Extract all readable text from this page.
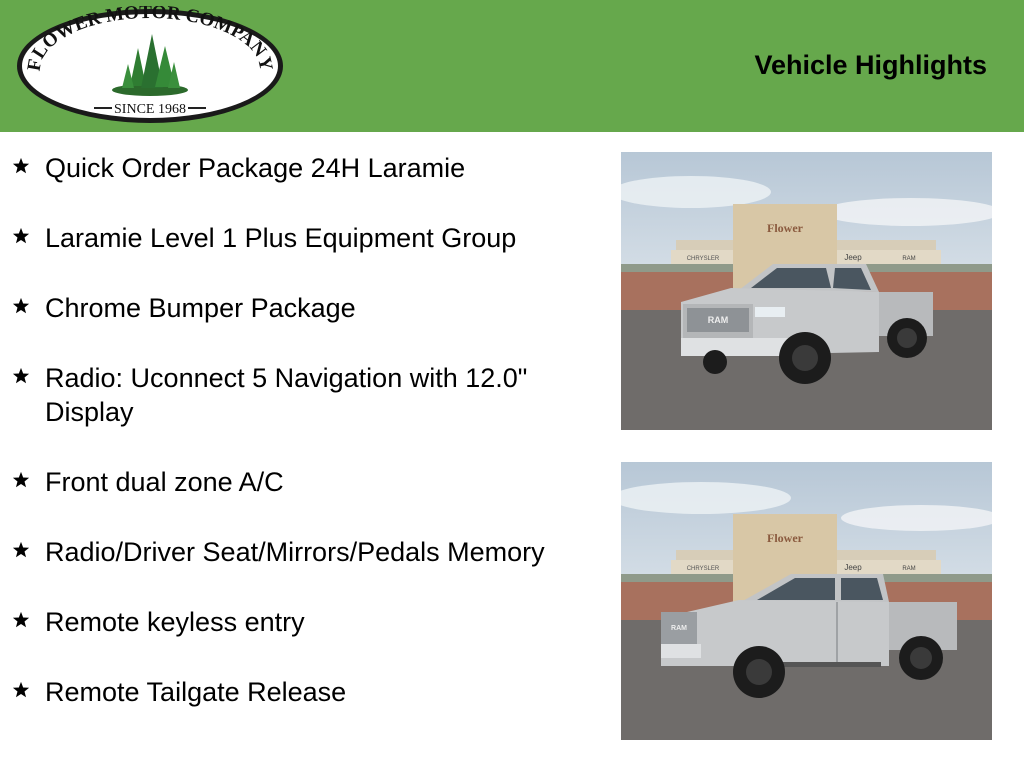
FLOWER MOTOR COMPANY
SINCE 1968
Vehicle Highlights
Quick Order Package 24H Laramie
Laramie Level 1 Plus Equipment Group
Chrome Bumper Package
Radio: Uconnect 5 Navigation with 12.0" Display
Front dual zone A/C
Radio/Driver Seat/Mirrors/Pedals Memory
Remote keyless entry
Remote Tailgate Release
Flower
CHRYSLER	Jeep	RAM
RAM
Flower
CHRYSLER	Jeep	RAM
RAM
